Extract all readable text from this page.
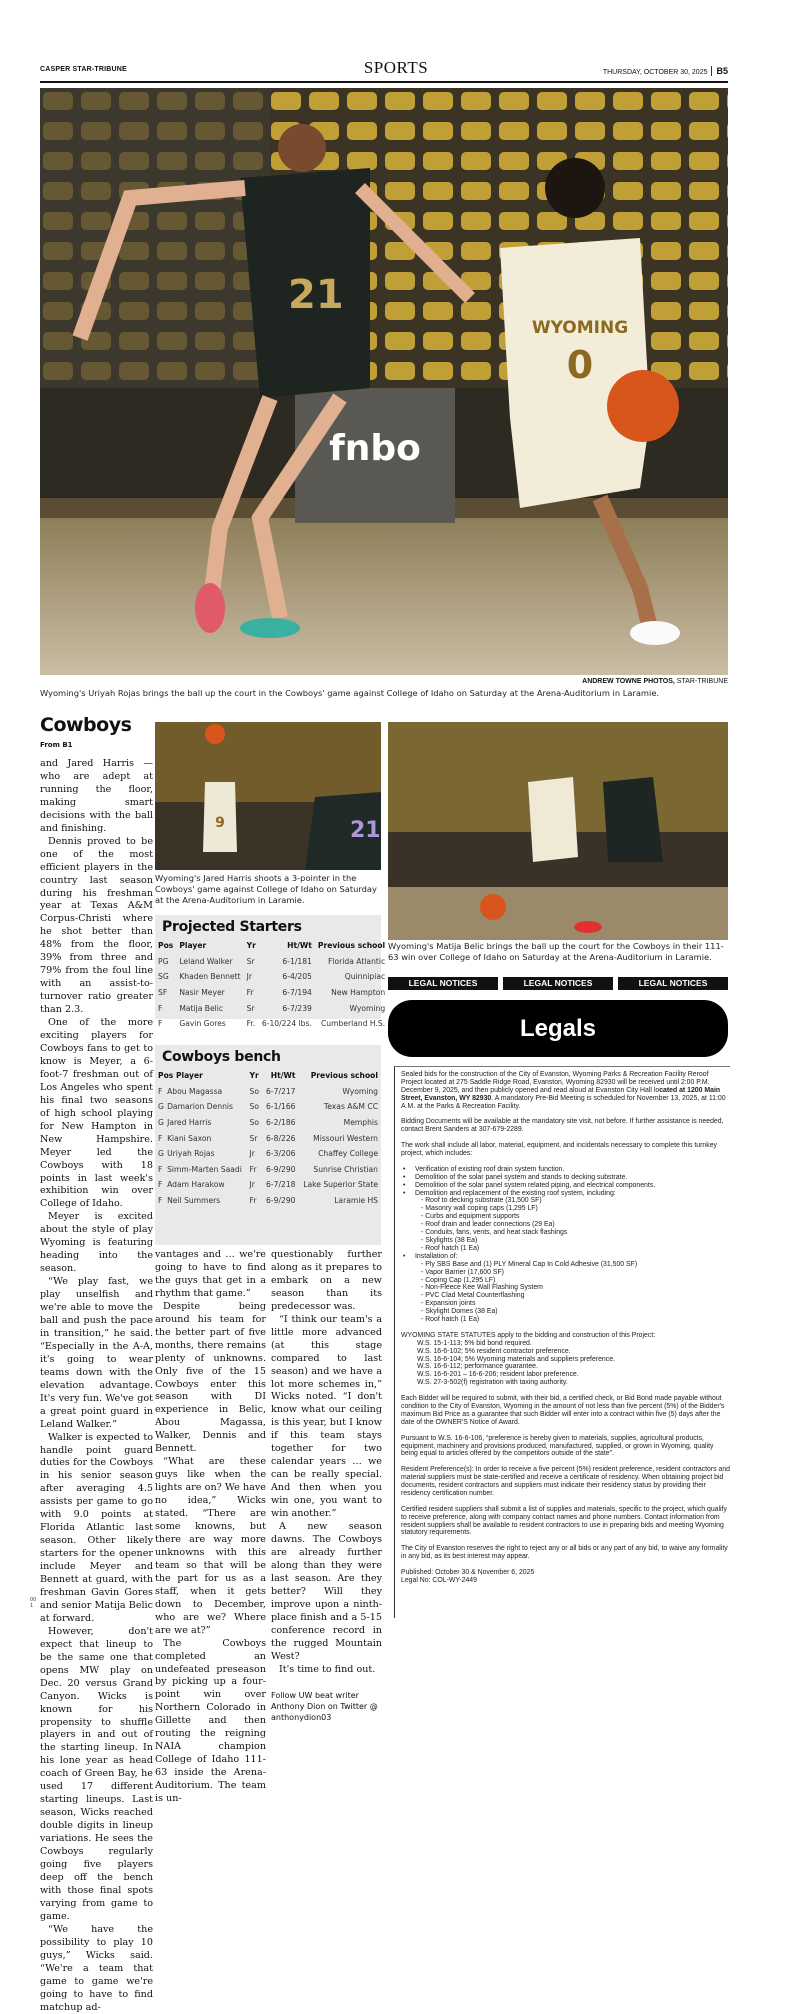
CASPER STAR-TRIBUNE	SPORTS	THURSDAY, OCTOBER 30, 2025 B5
fnbo
21
WYOMING
0
ANDREW TOWNE PHOTOS, STAR-TRIBUNE
Wyoming's Uriyah Rojas brings the ball up the court in the Cowboys' game against College of Idaho on Saturday at the Arena-Auditorium in Laramie.
Cowboys
From B1

and Jared Harris — who are adept at running the floor, making smart decisions with the ball and finishing.

Dennis proved to be one of the most efficient players in the country last season during his freshman year at Texas A&M Corpus-Christi where he shot better than 48% from the floor, 39% from three and 79% from the foul line with an assist-to-turnover ratio greater than 2.3.

One of the more exciting players for Cowboys fans to get to know is Meyer, a 6-foot-7 freshman out of Los Angeles who spent his final two seasons of high school playing for New Hampton in New Hampshire. Meyer led the Cowboys with 18 points in last week's exhibition win over College of Idaho.

Meyer is excited about the style of play Wyoming is featuring heading into the season.

“We play fast, we play unselfish and we're able to move the ball and push the pace in transition,” he said. “Especially in the A-A, it's going to wear teams down with the elevation advantage. It's very fun. We've got a great point guard in Leland Walker.”

Walker is expected to handle point guard duties for the Cowboys in his senior season after averaging 4.5 assists per game to go with 9.0 points at Florida Atlantic last season. Other likely starters for the opener include Meyer and Bennett at guard, with freshman Gavin Gores and senior Matija Belic at forward.

However, don't expect that lineup to be the same one that opens MW play on Dec. 20 versus Grand Canyon. Wicks is known for his propensity to shuffle players in and out of the starting lineup. In his lone year as head coach of Green Bay, he used 17 different starting lineups. Last season, Wicks reached double digits in lineup variations. He sees the Cowboys regularly going five players deep off the bench with those final spots varying from game to game.

“We have the possibility to play 10 guys,” Wicks said. “We're a team that game to game we're going to have to find matchup ad-

00 1
9	21
Wyoming's Jared Harris shoots a 3-pointer in the Cowboys' game against College of Idaho on Saturday at the Arena-Auditorium in Laramie.
Projected Starters
Pos	Player	Yr	Ht/Wt	Previous school
PG	Leland Walker	Sr	6-1/181	Florida Atlantic
SG	Khaden Bennett	Jr	6-4/205	Quinnipiac
SF	Nasir Meyer	Fr	6-7/194	New Hampton
F	Matija Belic	Sr	6-7/239	Wyoming
F	Gavin Gores	Fr.	6-10/224 lbs.	Cumberland H.S.
Cowboys bench
Pos Player		Yr	Ht/Wt	Previous school
F	Abou Magassa	So	6-7/217	Wyoming
G	Damarion Dennis	So	6-1/166	Texas A&M CC
G	Jared Harris	So	6-2/186	Memphis
F	Kiani Saxon	Sr	6-8/226	Missouri Western
G	Uriyah Rojas	Jr	6-3/206	Chaffey College
F	Simm-Marten Saadi	Fr	6-9/290	Sunrise Christian
F	Adam Harakow	Jr	6-7/218	Lake Superior State
F	Neil Summers	Fr	6-9/290	Laramie HS

vantages and … we're going to have to find the guys that get in a rhythm that game.”

Despite being around his team for the better part of five months, there remains plenty of unknowns. Only five of the 15 Cowboys enter this season with DI experience in Belic, Abou Magassa, Walker, Dennis and Bennett.

“What are these guys like when the lights are on? We have no idea,” Wicks stated. “There are some knowns, but there are way more unknowns with this team so that will be the part for us as a staff, when it gets down to December, who are we? Where are we at?”

The Cowboys completed an undefeated preseason by picking up a four-point win over Northern Colorado in Gillette and then routing the reigning NAIA champion College of Idaho 111-63 inside the Arena-Auditorium. The team is un-

questionably further along as it prepares to embark on a new season than its predecessor was.

“I think our team's a little more advanced (at this stage compared to last season) and we have a lot more schemes in,” Wicks noted. “I don't know what our ceiling is this year, but I know if this team stays together for two calendar years … we can be really special. And then when you win one, you want to win another.”

A new season dawns. The Cowboys are already further along than they were last season. Are they better? Will they improve upon a ninth-place finish and a 5-15 conference record in the rugged Mountain West?

It's time to find out.

Follow UW beat writer Anthony Dion on Twitter @ anthonydion03

Wyoming's Matija Belic brings the ball up the court for the Cowboys in their 111-63 win over College of Idaho on Saturday at the Arena-Auditorium in Laramie.
LEGAL NOTICES	LEGAL NOTICES	LEGAL NOTICES
Legals

Sealed bids for the construction of the City of Evanston, Wyoming Parks & Recreation Facility Reroof Project located at 275 Saddle Ridge Road, Evanston, Wyoming 82930 will be received until 2:00 P.M. December 9, 2025, and then publicly opened and read aloud at Evanston City Hall located at 1200 Main Street, Evanston, WY 82930. A mandatory Pre-Bid Meeting is scheduled for November 13, 2025, at 11:00 A.M. at the Parks & Recreation Facility.

Bidding Documents will be available at the mandatory site visit, not before. If further assistance is needed, contact Brent Sanders at 307-679-2289.

The work shall include all labor, material, equipment, and incidentals necessary to complete this turnkey project, which includes:

• Verification of existing roof drain system function.
• Demolition of the solar panel system and stands to decking substrate.
• Demolition of the solar panel system related piping, and electrical components.
• Demolition and replacement of the existing roof system, including:
- Roof to decking substrate (31,500 SF)
- Masonry wall coping caps (1,295 LF)
- Curbs and equipment supports
- Roof drain and leader connections (29 Ea)
- Conduits, fans, vents, and heat stack flashings
- Skylights (38 Ea)
- Roof hatch (1 Ea)
• Installation of:
- Ply SBS Base and (1) PLY Mineral Cap In Cold Adhesive (31,500 SF)
- Vapor Barrier (17,600 SF)
- Coping Cap (1,295 LF)
- Non-Fleece Kee Wall Flashing System
- PVC Clad Metal Counterflashing
- Expansion joints
- Skylight Domes (38 Ea)
- Roof hatch (1 Ea)

WYOMING STATE STATUTES apply to the bidding and construction of this Project:

W.S. 15-1-113; 5% bid bond required.
W.S. 16-6-102; 5% resident contractor preference.
W.S. 16-6-104; 5% Wyoming materials and suppliers preference.
W.S. 16-6-112; performance guarantee.
W.S. 16-6-201 – 16-6-206; resident labor preference.
W.S. 27-3-502(f) registration with taxing authority.

Each Bidder will be required to submit, with their bid, a certified check, or Bid Bond made payable without condition to the City of Evanston, Wyoming in the amount of not less than five percent (5%) of the Bidder's maximum Bid Price as a guarantee that such Bidder will enter into a contract within five (5) days after the date of the OWNER'S Notice of Award.

Pursuant to W.S. 16-6-106, “preference is hereby given to materials, supplies, agricultural products, equipment, machinery and provisions produced, manufactured, supplied, or grown in Wyoming, quality being equal to articles offered by the competitors outside of the state”.

Resident Preference(s): In order to receive a five percent (5%) resident preference, resident contractors and material suppliers must be state-certified and receive a certificate of residency. When obtaining project bid documents, resident contractors and suppliers must indicate their residency status by providing their residency certification number.

Certified resident suppliers shall submit a list of supplies and materials, specific to the project, which qualify to receive preference, along with company contact names and phone numbers. Contact information from resident suppliers shall be available to resident contractors to use in preparing bids and meeting Wyoming statutory requirements.

The City of Evanston reserves the right to reject any or all bids or any part of any bid, to waive any formality in any bid, as its best interest may appear.

Published: October 30 & November 6, 2025
Legal No: COL-WY-2449
